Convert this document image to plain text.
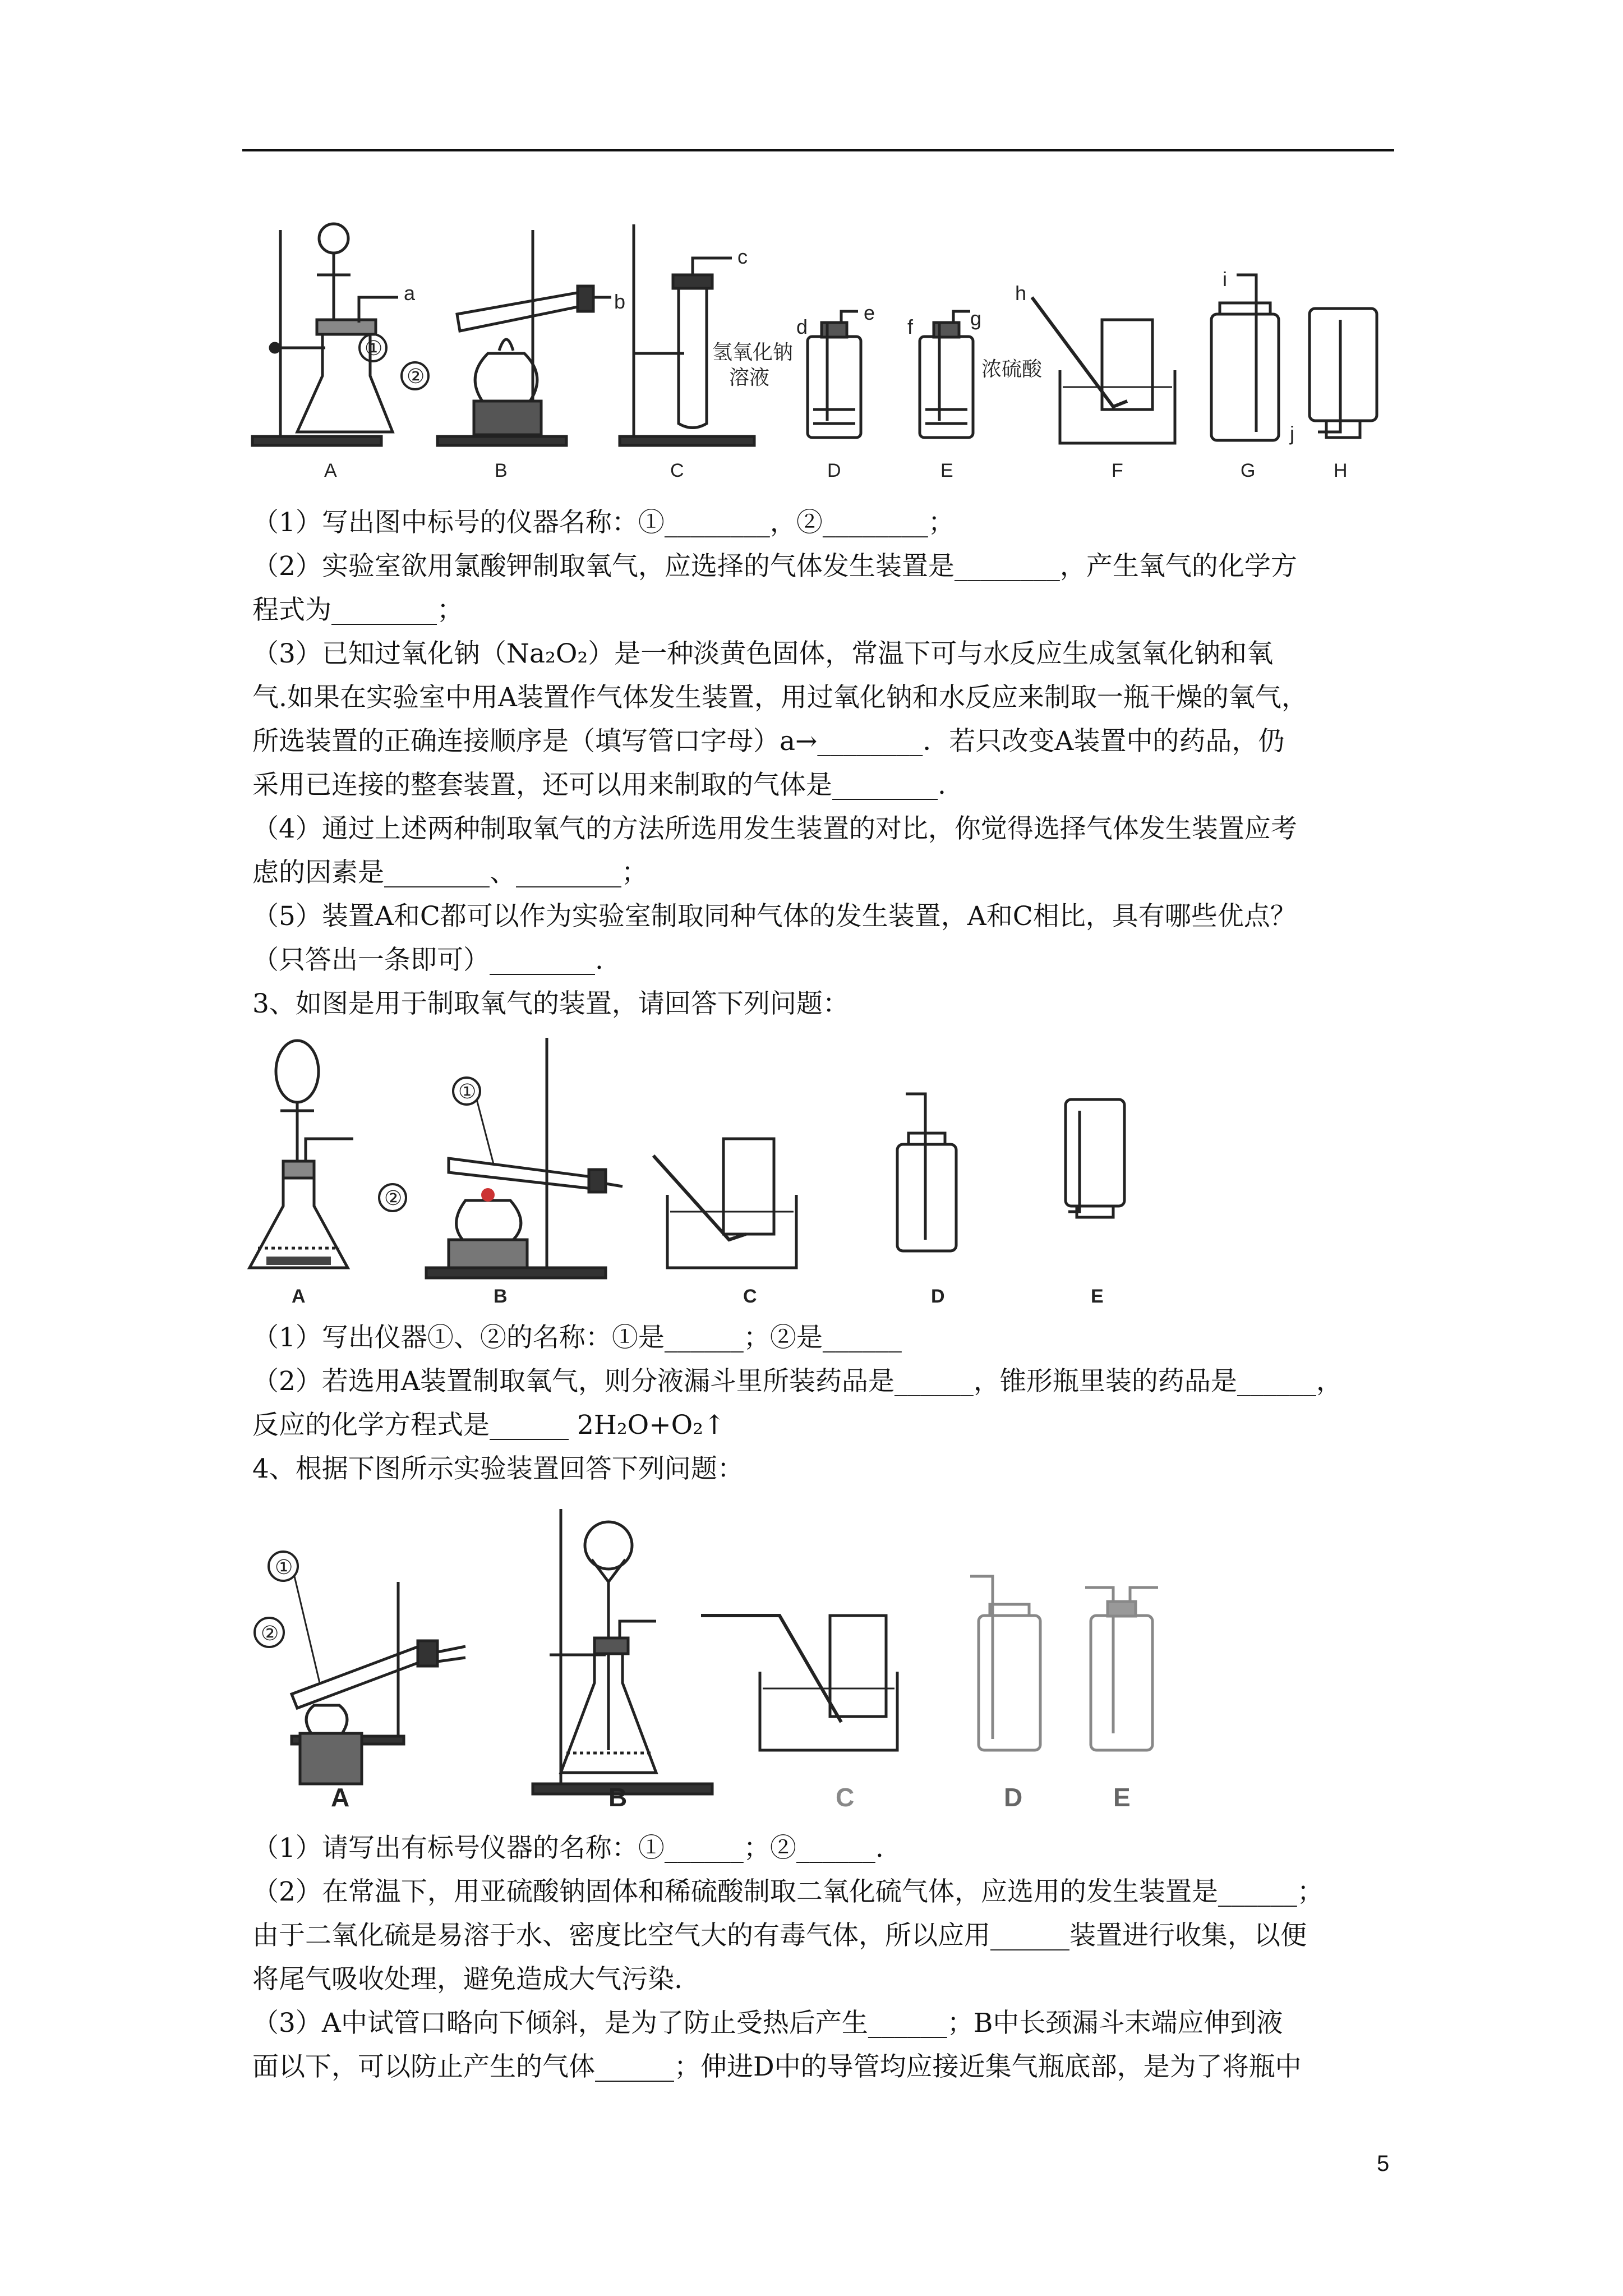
a
①
b
②
c
d
e
氢氧化钠
溶液
f	g
浓硫酸
h
i
j
A	B	C	D	E	F	G	H

（1）写出图中标号的仪器名称：①________，②________；

（2）实验室欲用氯酸钾制取氧气，应选择的气体发生装置是________，产生氧气的化学方

程式为________；

（3）已知过氧化钠（Na₂O₂）是一种淡黄色固体，常温下可与水反应生成氢氧化钠和氧

气.如果在实验室中用A装置作气体发生装置，用过氧化钠和水反应来制取一瓶干燥的氧气，

所选装置的正确连接顺序是（填写管口字母）a→________．若只改变A装置中的药品，仍

采用已连接的整套装置，还可以用来制取的气体是________.

（4）通过上述两种制取氧气的方法所选用发生装置的对比，你觉得选择气体发生装置应考

虑的因素是________、________；

（5）装置A和C都可以作为实验室制取同种气体的发生装置，A和C相比，具有哪些优点？

（只答出一条即可）________.

3、如图是用于制取氧气的装置，请回答下列问题：

①
②
A	B	C	D	E

（1）写出仪器①、②的名称：①是______；②是______

（2）若选用A装置制取氧气，则分液漏斗里所装药品是______，锥形瓶里装的药品是______，

反应的化学方程式是______ 2H₂O+O₂↑

4、根据下图所示实验装置回答下列问题：

①
②
A	B	C	D	E

（1）请写出有标号仪器的名称：①______；②______.

（2）在常温下，用亚硫酸钠固体和稀硫酸制取二氧化硫气体，应选用的发生装置是______；

由于二氧化硫是易溶于水、密度比空气大的有毒气体，所以应用______装置进行收集，以便

将尾气吸收处理，避免造成大气污染.

（3）A中试管口略向下倾斜，是为了防止受热后产生______；B中长颈漏斗末端应伸到液

面以下，可以防止产生的气体______；伸进D中的导管均应接近集气瓶底部，是为了将瓶中

5
